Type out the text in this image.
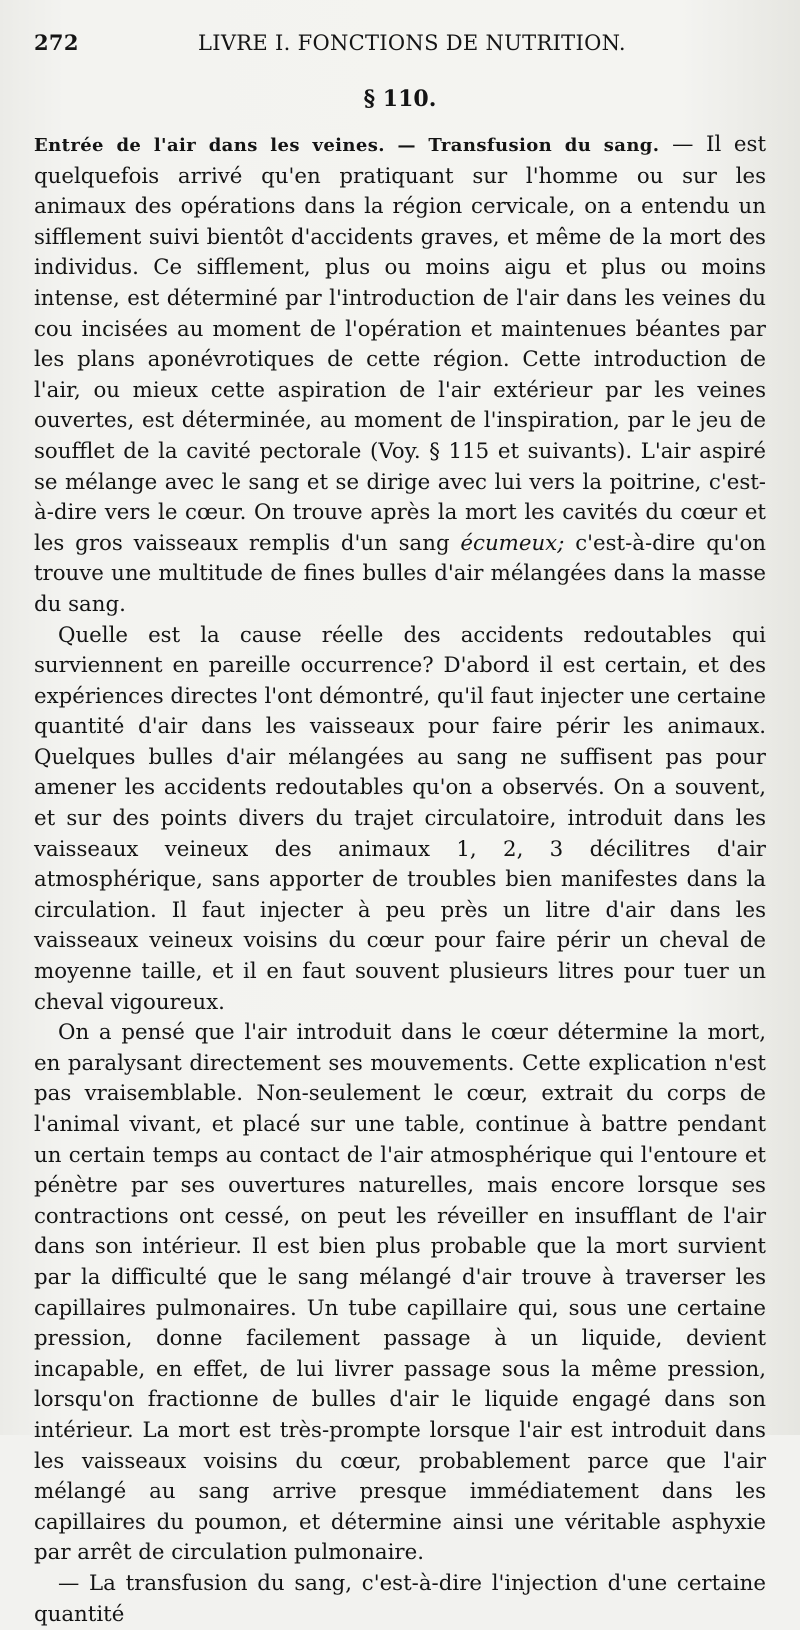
272	LIVRE I. FONCTIONS DE NUTRITION.
§ 110.

Entrée de l'air dans les veines. — Transfusion du sang. — Il est quelquefois arrivé qu'en pratiquant sur l'homme ou sur les animaux des opérations dans la région cervicale, on a entendu un sifflement suivi bientôt d'accidents graves, et même de la mort des individus. Ce sifflement, plus ou moins aigu et plus ou moins intense, est déterminé par l'introduction de l'air dans les veines du cou incisées au moment de l'opération et maintenues béantes par les plans aponévrotiques de cette région. Cette introduction de l'air, ou mieux cette aspiration de l'air extérieur par les veines ouvertes, est déterminée, au moment de l'inspiration, par le jeu de soufflet de la cavité pectorale (Voy. § 115 et suivants). L'air aspiré se mélange avec le sang et se dirige avec lui vers la poitrine, c'est-à-dire vers le cœur. On trouve après la mort les cavités du cœur et les gros vaisseaux remplis d'un sang écumeux; c'est-à-dire qu'on trouve une multitude de fines bulles d'air mélangées dans la masse du sang.

Quelle est la cause réelle des accidents redoutables qui surviennent en pareille occurrence? D'abord il est certain, et des expériences directes l'ont démontré, qu'il faut injecter une certaine quantité d'air dans les vaisseaux pour faire périr les animaux. Quelques bulles d'air mélangées au sang ne suffisent pas pour amener les accidents redoutables qu'on a observés. On a souvent, et sur des points divers du trajet circulatoire, introduit dans les vaisseaux veineux des animaux 1, 2, 3 décilitres d'air atmosphérique, sans apporter de troubles bien manifestes dans la circulation. Il faut injecter à peu près un litre d'air dans les vaisseaux veineux voisins du cœur pour faire périr un cheval de moyenne taille, et il en faut souvent plusieurs litres pour tuer un cheval vigoureux.

On a pensé que l'air introduit dans le cœur détermine la mort, en paralysant directement ses mouvements. Cette explication n'est pas vraisemblable. Non-seulement le cœur, extrait du corps de l'animal vivant, et placé sur une table, continue à battre pendant un certain temps au contact de l'air atmosphérique qui l'entoure et pénètre par ses ouvertures naturelles, mais encore lorsque ses contractions ont cessé, on peut les réveiller en insufflant de l'air dans son intérieur. Il est bien plus probable que la mort survient par la difficulté que le sang mélangé d'air trouve à traverser les capillaires pulmonaires. Un tube capillaire qui, sous une certaine pression, donne facilement passage à un liquide, devient incapable, en effet, de lui livrer passage sous la même pression, lorsqu'on fractionne de bulles d'air le liquide engagé dans son intérieur. La mort est très-prompte lorsque l'air est introduit dans les vaisseaux voisins du cœur, probablement parce que l'air mélangé au sang arrive presque immédiatement dans les capillaires du poumon, et détermine ainsi une véritable asphyxie par arrêt de circulation pulmonaire.

— La transfusion du sang, c'est-à-dire l'injection d'une certaine quantité
